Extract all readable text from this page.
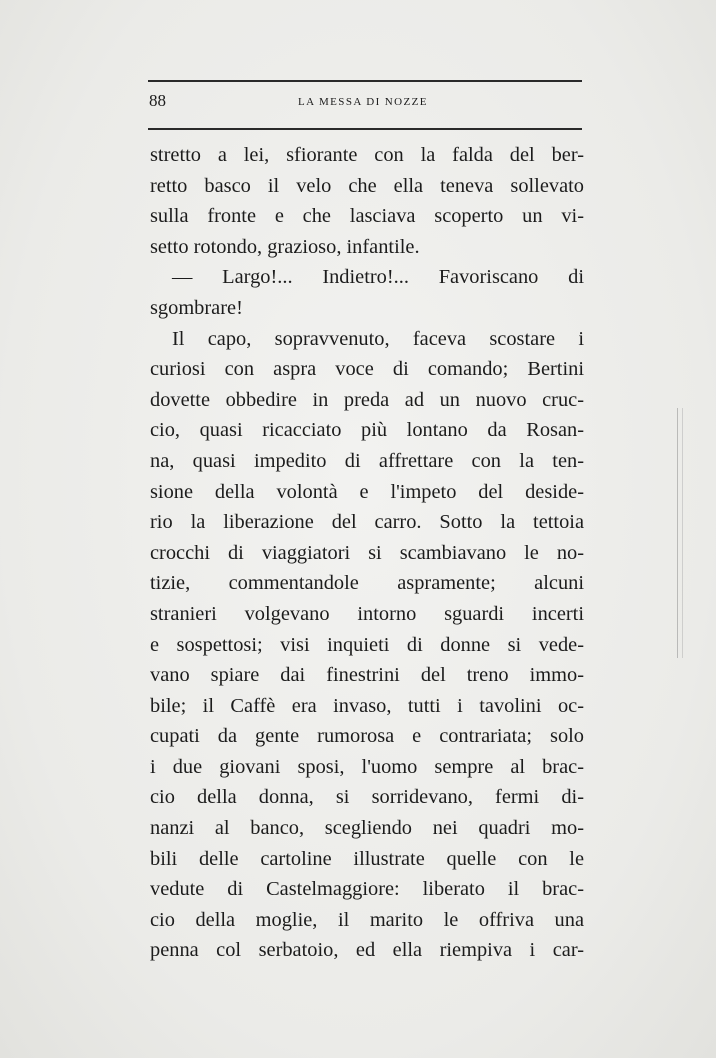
88	LA MESSA DI NOZZE
stretto a lei, sfiorante con la falda del ber-
retto basco il velo che ella teneva sollevato
sulla fronte e che lasciava scoperto un vi-
setto rotondo, grazioso, infantile.
— Largo!... Indietro!... Favoriscano di
sgombrare!
Il capo, sopravvenuto, faceva scostare i
curiosi con aspra voce di comando; Bertini
dovette obbedire in preda ad un nuovo cruc-
cio, quasi ricacciato più lontano da Rosan-
na, quasi impedito di affrettare con la ten-
sione della volontà e l'impeto del deside-
rio la liberazione del carro. Sotto la tettoia
crocchi di viaggiatori si scambiavano le no-
tizie, commentandole aspramente; alcuni
stranieri volgevano intorno sguardi incerti
e sospettosi; visi inquieti di donne si vede-
vano spiare dai finestrini del treno immo-
bile; il Caffè era invaso, tutti i tavolini oc-
cupati da gente rumorosa e contrariata; solo
i due giovani sposi, l'uomo sempre al brac-
cio della donna, si sorridevano, fermi di-
nanzi al banco, scegliendo nei quadri mo-
bili delle cartoline illustrate quelle con le
vedute di Castelmaggiore: liberato il brac-
cio della moglie, il marito le offriva una
penna col serbatoio, ed ella riempiva i car-
